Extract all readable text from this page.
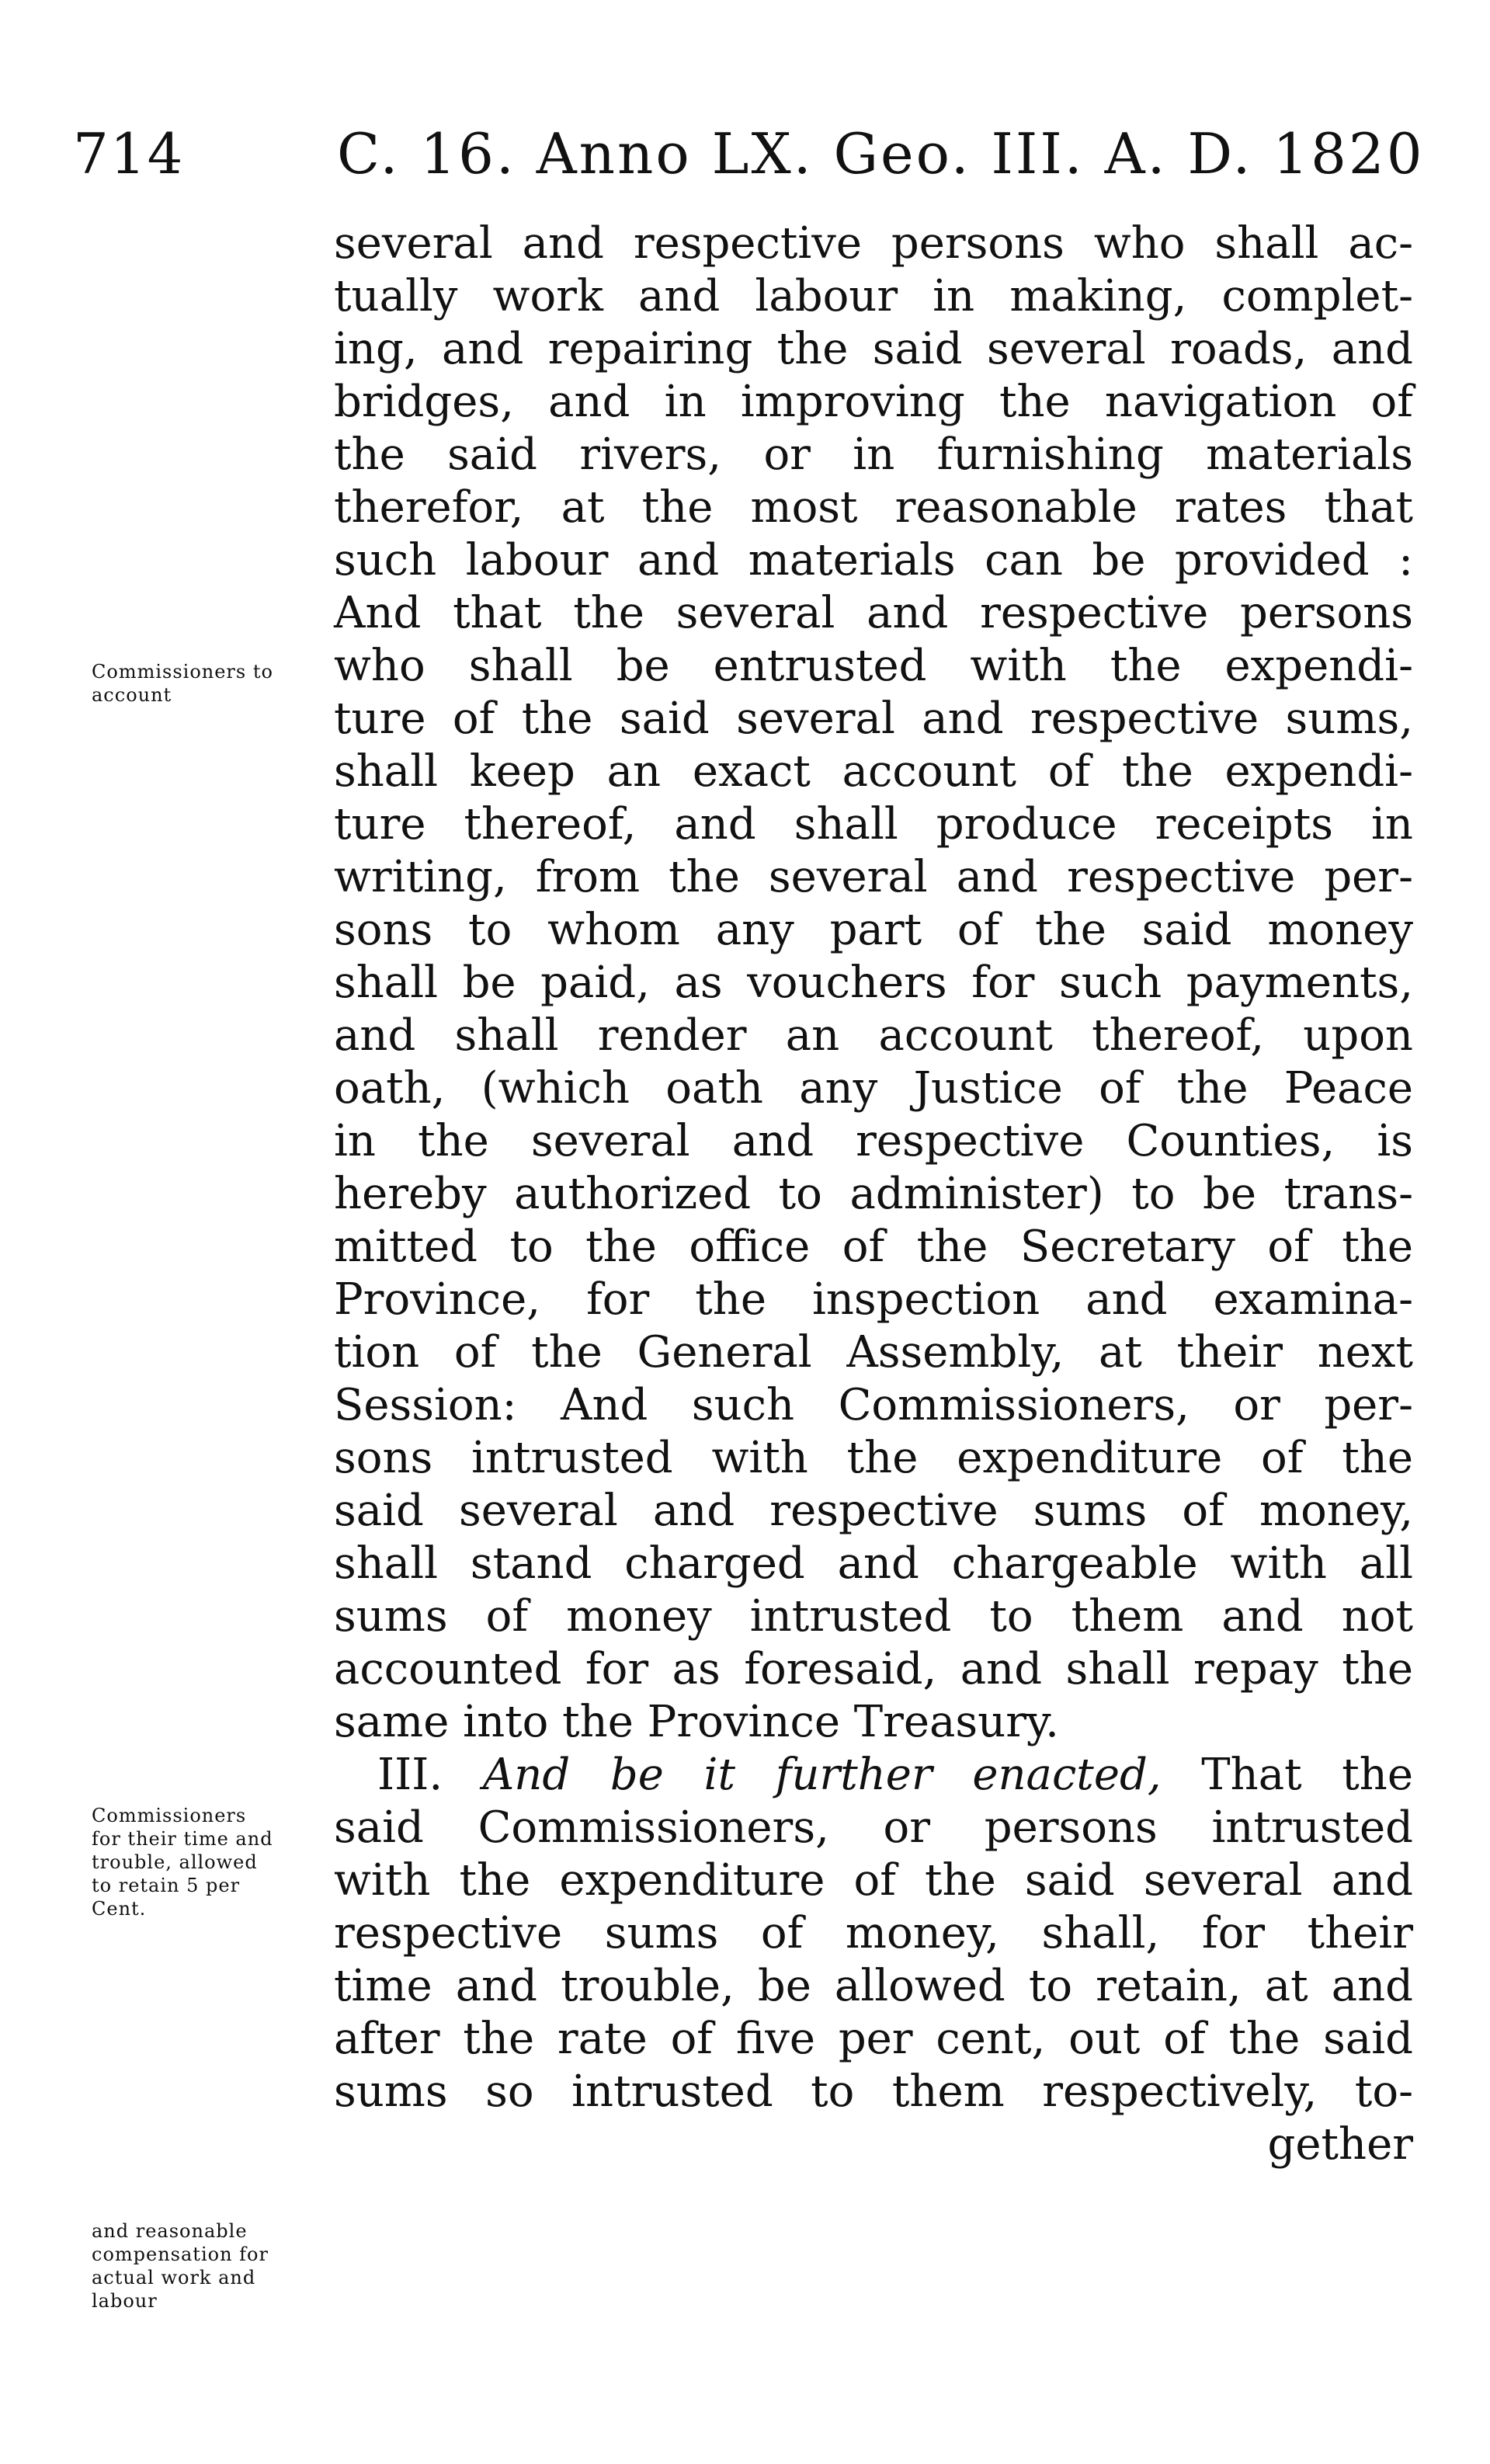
714	C. 16. Anno LX. Geo. III. A. D. 1820
Commissioners to
account
Commissioners
for their time and
trouble, allowed
to retain 5 per
Cent.
and reasonable
compensation for
actual work and
labour
several and respective persons who shall ac-
tually work and labour in making, complet-
ing, and repairing the said several roads, and
bridges, and in improving the navigation of
the said rivers, or in furnishing materials
therefor, at the most reasonable rates that
such labour and materials can be provided :
And that the several and respective persons
who shall be entrusted with the expendi-
ture of the said several and respective sums,
shall keep an exact account of the expendi-
ture thereof, and shall produce receipts in
writing, from the several and respective per-
sons to whom any part of the said money
shall be paid, as vouchers for such payments,
and shall render an account thereof, upon
oath, (which oath any Justice of the Peace
in the several and respective Counties, is
hereby authorized to administer) to be trans-
mitted to the office of the Secretary of the
Province, for the inspection and examina-
tion of the General Assembly, at their next
Session: And such Commissioners, or per-
sons intrusted with the expenditure of the
said several and respective sums of money,
shall stand charged and chargeable with all
sums of money intrusted to them and not
accounted for as foresaid, and shall repay the
same into the Province Treasury.
 III. And be it further enacted, That the
said Commissioners, or persons intrusted
with the expenditure of the said several and
respective sums of money, shall, for their
time and trouble, be allowed to retain, at and
after the rate of five per cent, out of the said
sums so intrusted to them respectively, to-
gether
